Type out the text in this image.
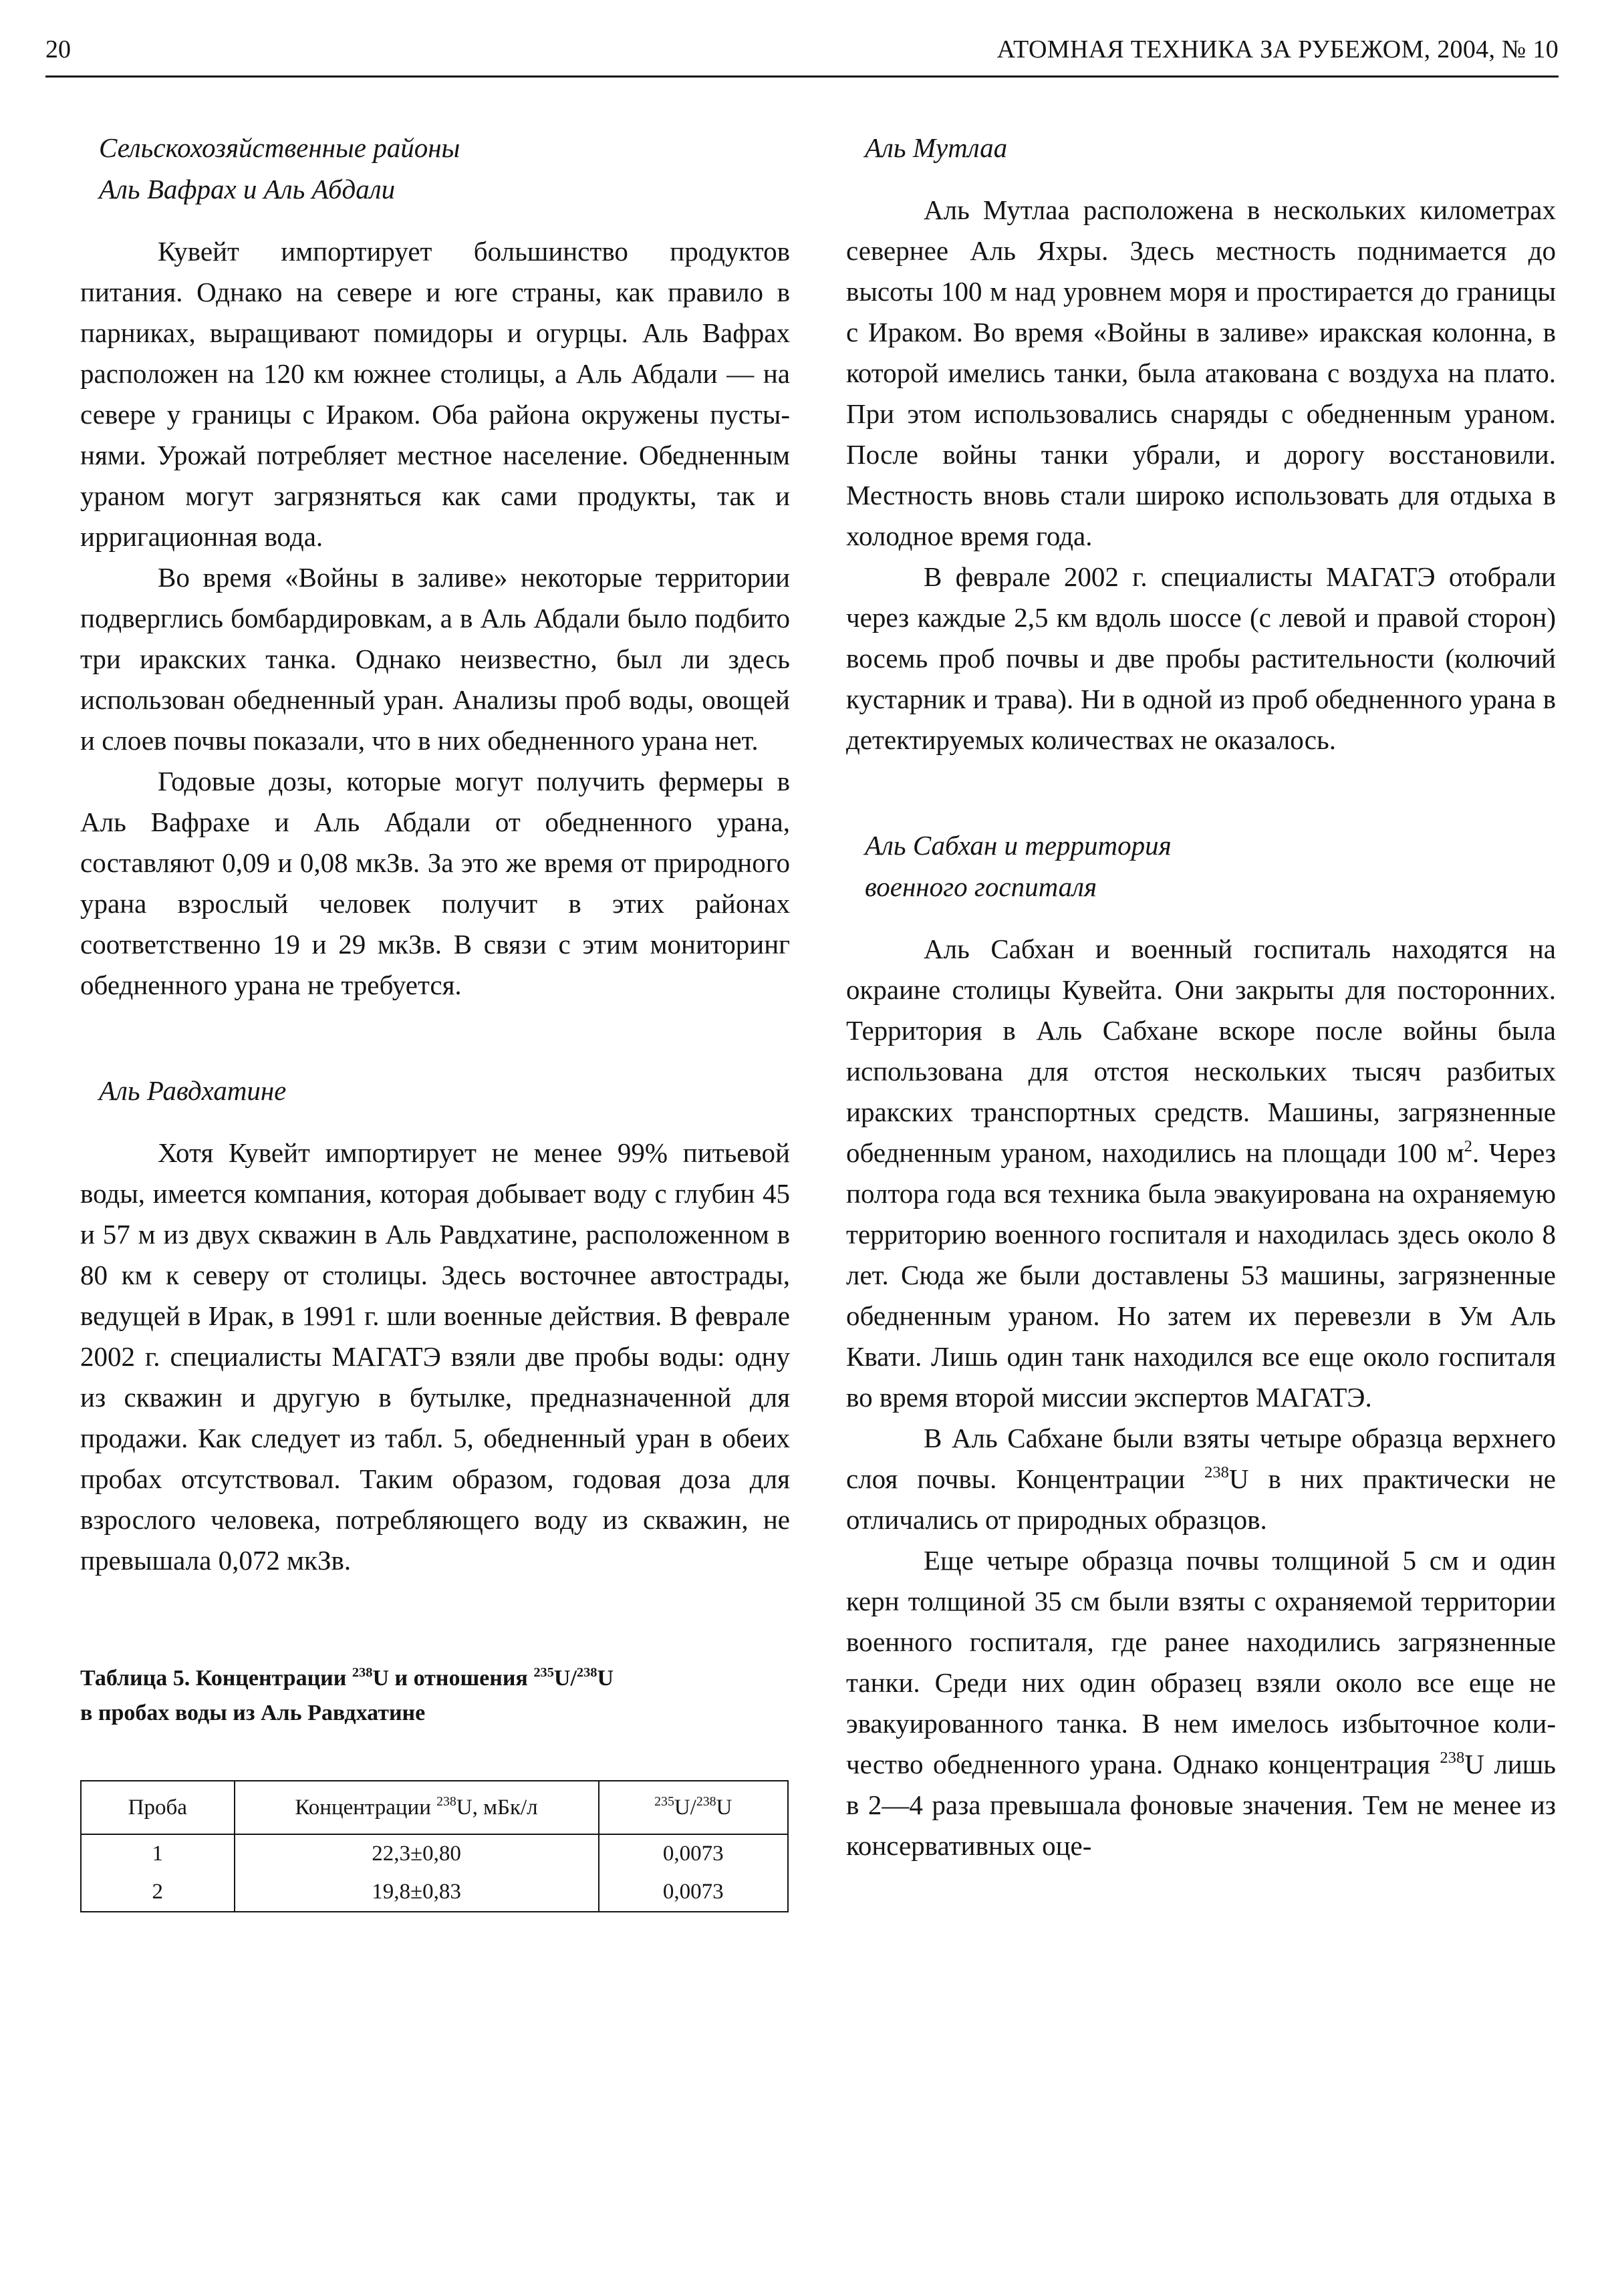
20	АТОМНАЯ ТЕХНИКА ЗА РУБЕЖОМ, 2004, № 10

Сельскохозяйственные районы

Аль Вафрах и Аль Абдали

Кувейт импортирует большинство продуктов питания. Однако на севере и юге страны, как правило в парниках, выращивают помидоры и огурцы. Аль Вафрах расположен на 120 км южнее столицы, а Аль Абдали — на севере у границы с Ираком. Оба района окружены пустынями. Урожай потребляет местное население. Обедненным ураном могут загрязняться как сами продукты, так и ирригационная вода.

Во время «Войны в заливе» некоторые территории подверглись бомбардировкам, а в Аль Абдали было подбито три иракских танка. Однако неизвестно, был ли здесь использован обедненный уран. Анализы проб воды, овощей и слоев почвы показали, что в них обедненного урана нет.

Годовые дозы, которые могут получить фермеры в Аль Вафрахе и Аль Абдали от обедненного урана, составляют 0,09 и 0,08 мкЗв. За это же время от природного урана взрослый человек получит в этих районах соответственно 19 и 29 мкЗв. В связи с этим мониторинг обедненного урана не требуется.

Аль Равдхатине

Хотя Кувейт импортирует не менее 99% питьевой воды, имеется компания, которая добывает воду с глубин 45 и 57 м из двух скважин в Аль Равдхатине, расположенном в 80 км к северу от столицы. Здесь восточнее автострады, ведущей в Ирак, в 1991 г. шли военные действия. В феврале 2002 г. специалисты МАГАТЭ взяли две пробы воды: одну из скважин и другую в бутылке, предназначенной для продажи. Как следует из табл. 5, обедненный уран в обеих пробах отсутствовал. Таким образом, годовая доза для взрослого человека, потребляющего воду из скважин, не превышала 0,072 мкЗв.

Таблица 5. Концентрации $^{238}$U и отношения $^{235}$U/$^{238}$U

в пробах воды из Аль Равдхатине

Проба	Концентрации $^{238}$U, мБк/л	$^{235}$U/$^{238}$U
1	22,3±0,80	0,0073
2	19,8±0,83	0,0073

Аль Мутлаа

Аль Мутлаа расположена в нескольких километрах севернее Аль Яхры. Здесь местность поднимается до высоты 100 м над уровнем моря и простирается до границы с Ираком. Во время «Войны в заливе» иракская колонна, в которой имелись танки, была атакована с воздуха на плато. При этом использовались снаряды с обедненным ураном. После войны танки убрали, и дорогу восстановили. Местность вновь стали широко использовать для отдыха в холодное время года.

В феврале 2002 г. специалисты МАГАТЭ отобрали через каждые 2,5 км вдоль шоссе (с левой и правой сторон) восемь проб почвы и две пробы растительности (колючий кустарник и трава). Ни в одной из проб обедненного урана в детектируемых количествах не оказалось.

Аль Сабхан и территория

военного госпиталя

Аль Сабхан и военный госпиталь находятся на окраине столицы Кувейта. Они закрыты для посторонних. Территория в Аль Сабхане вскоре после войны была использована для отстоя нескольких тысяч разбитых иракских транспортных средств. Машины, загрязненные обедненным ураном, находились на площади 100 $м^2$. Через полтора года вся техника была эвакуирована на охраняемую территорию военного госпиталя и находилась здесь около 8 лет. Сюда же были доставлены 53 машины, загрязненные обедненным ураном. Но затем их перевезли в Ум Аль Квати. Лишь один танк находился все еще около госпиталя во время второй миссии экспертов МАГАТЭ.

В Аль Сабхане были взяты четыре образца верхнего слоя почвы. Концентрации $^{238}$U в них практически не отличались от природных образцов.

Еще четыре образца почвы толщиной 5 см и один керн толщиной 35 см были взяты с охраняемой территории военного госпиталя, где ранее находились загрязненные танки. Среди них один образец взяли около все еще не эвакуированного танка. В нем имелось избыточное количество обедненного урана. Однако концентрация $^{238}$U лишь в 2—4 раза превышала фоновые значения. Тем не менее из консервативных оце-
